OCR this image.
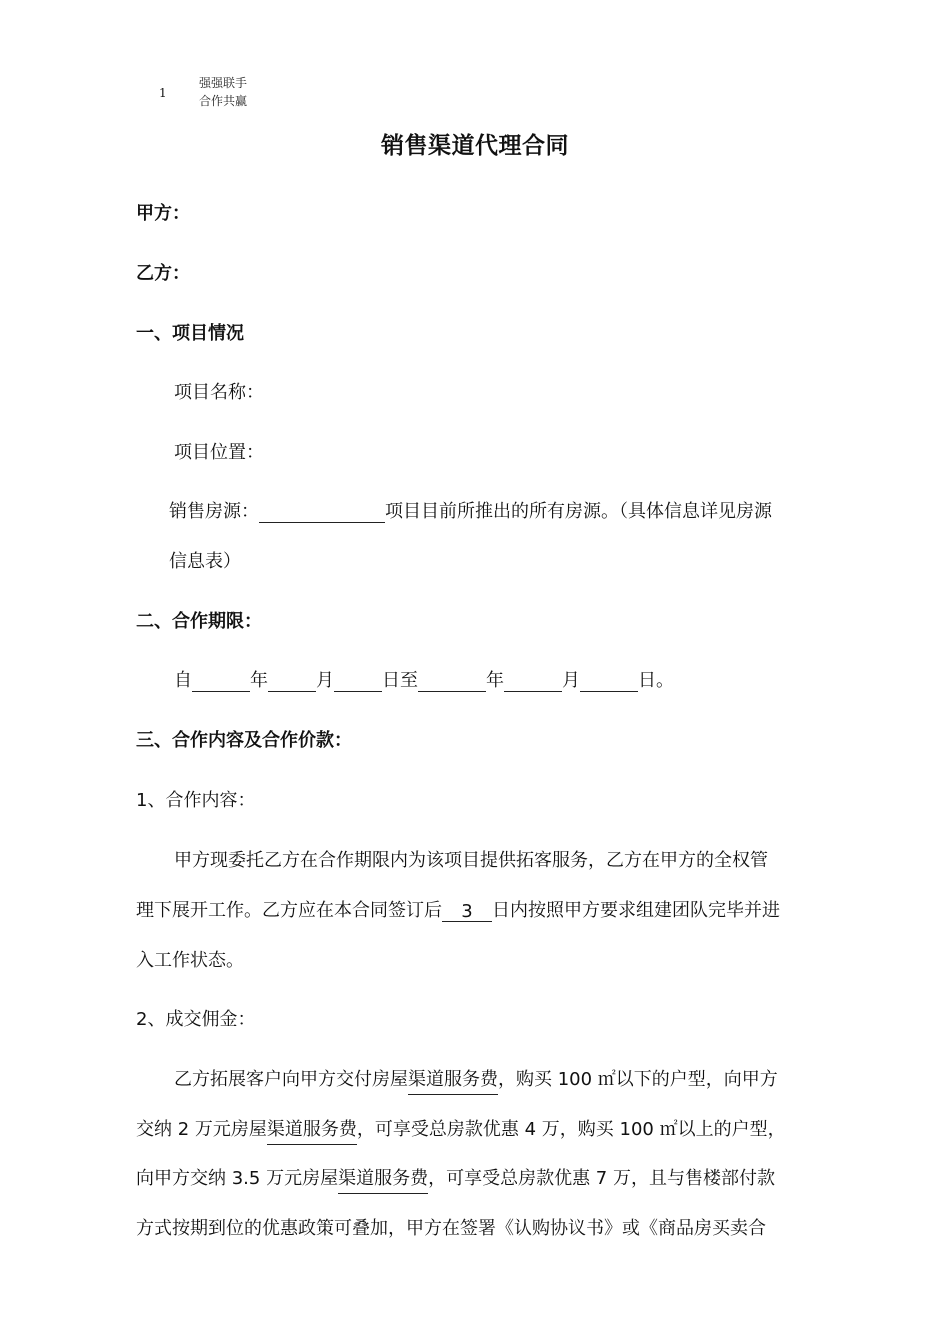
1
强强联手
合作共赢
销售渠道代理合同
甲方：
乙方：
一、项目情况
项目名称：
项目位置：
销售房源：	项目目前所推出的所有房源。（具体信息详见房源
信息表）
二、合作期限：
自	年	月	日至	年	月	日。
三、合作内容及合作价款：
1、合作内容：
甲方现委托乙方在合作期限内为该项目提供拓客服务，乙方在甲方的全权管
理下展开工作。乙方应在本合同签订后 3 日内按照甲方要求组建团队完毕并进
入工作状态。
2、成交佣金：
乙方拓展客户向甲方交付房屋渠道服务费，购买 100 ㎡以下的户型，向甲方
交纳 2 万元房屋渠道服务费，可享受总房款优惠 4 万，购买 100 ㎡以上的户型，
向甲方交纳 3.5 万元房屋渠道服务费，可享受总房款优惠 7 万，且与售楼部付款
方式按期到位的优惠政策可叠加，甲方在签署《认购协议书》或《商品房买卖合
